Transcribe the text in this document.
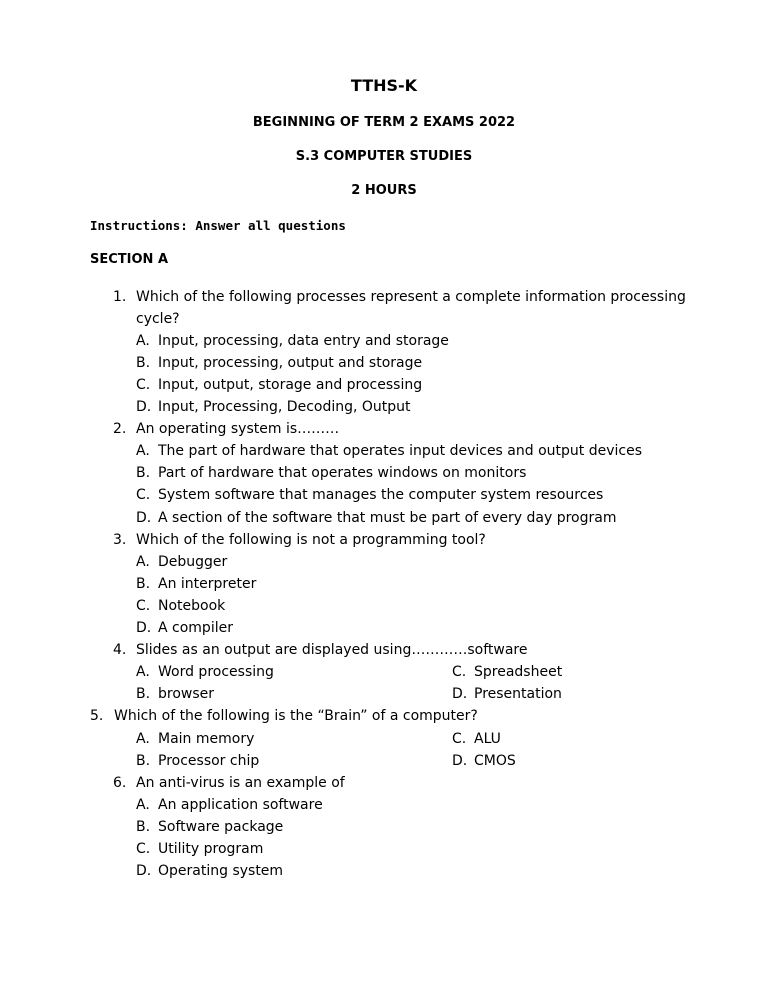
TTHS-K
BEGINNING OF TERM 2 EXAMS 2022
S.3 COMPUTER STUDIES
2 HOURS
Instructions: Answer all questions
SECTION A
1. Which of the following processes represent a complete information processing
cycle?
A. Input, processing, data entry and storage
B. Input, processing, output and storage
C. Input, output, storage and processing
D. Input, Processing, Decoding, Output
2. An operating system is………
A. The part of hardware that operates input devices and output devices
B. Part of hardware that operates windows on monitors
C. System software that manages the computer system resources
D. A section of the software that must be part of every day program
3. Which of the following is not a programming tool?
A. Debugger
B. An interpreter
C. Notebook
D. A compiler
4. Slides as an output are displayed using…………software
A. Word processing	C. Spreadsheet
B. browser	D. Presentation
5. Which of the following is the “Brain” of a computer?
A. Main memory	C. ALU
B. Processor chip	D. CMOS
6. An anti-virus is an example of
A. An application software
B. Software package
C. Utility program
D. Operating system
